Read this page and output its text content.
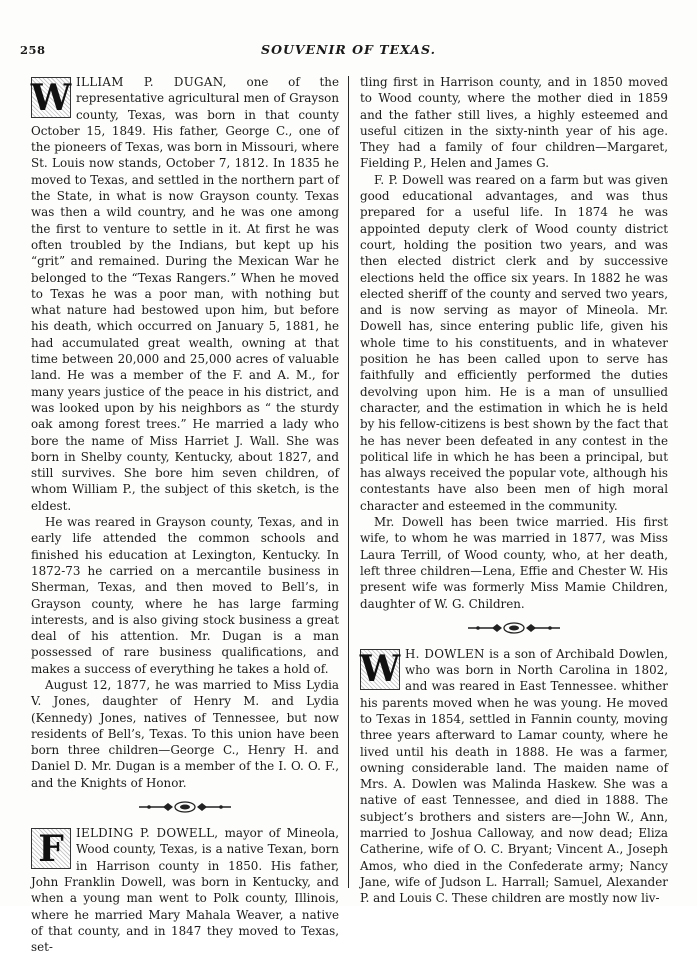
258	SOUVENIR OF TEXAS.

W ILLIAM P. DUGAN, one of the representative agricultural men of Grayson county, Texas, was born in that county October 15, 1849. His father, George C., one of the pioneers of Texas, was born in Missouri, where St. Louis now stands, October 7, 1812. In 1835 he moved to Texas, and settled in the northern part of the State, in what is now Grayson county. Texas was then a wild country, and he was one among the first to venture to settle in it. At first he was often troubled by the Indians, but kept up his “grit” and remained. During the Mexican War he belonged to the “Texas Rangers.” When he moved to Texas he was a poor man, with nothing but what nature had bestowed upon him, but before his death, which occurred on January 5, 1881, he had accumulated great wealth, owning at that time between 20,000 and 25,000 acres of valuable land. He was a member of the F. and A. M., for many years justice of the peace in his district, and was looked upon by his neighbors as “ the sturdy oak among forest trees.” He married a lady who bore the name of Miss Harriet J. Wall. She was born in Shelby county, Kentucky, about 1827, and still survives. She bore him seven children, of whom William P., the subject of this sketch, is the eldest.

He was reared in Grayson county, Texas, and in early life attended the common schools and finished his education at Lexington, Kentucky. In 1872-73 he carried on a mercantile business in Sherman, Texas, and then moved to Bell’s, in Grayson county, where he has large farming interests, and is also giving stock business a great deal of his attention. Mr. Dugan is a man possessed of rare business qualifications, and makes a success of everything he takes a hold of.

August 12, 1877, he was married to Miss Lydia V. Jones, daughter of Henry M. and Lydia (Kennedy) Jones, natives of Tennessee, but now residents of Bell’s, Texas. To this union have been born three children—George C., Henry H. and Daniel D. Mr. Dugan is a member of the I. O. O. F., and the Knights of Honor.

F	IELDING P. DOWELL, mayor of Mineola, Wood county, Texas, is a native Texan, born in Harrison county in 1850. His father, John Franklin Dowell, was born in Kentucky, and when a young man went to Polk county, Illinois, where he married Mary Mahala Weaver, a native of that county, and in 1847 they moved to Texas, set-

tling first in Harrison county, and in 1850 moved to Wood county, where the mother died in 1859 and the father still lives, a highly esteemed and useful citizen in the sixty-ninth year of his age. They had a family of four children—Margaret, Fielding P., Helen and James G.

F. P. Dowell was reared on a farm but was given good educational advantages, and was thus prepared for a useful life. In 1874 he was appointed deputy clerk of Wood county district court, holding the position two years, and was then elected district clerk and by successive elections held the office six years. In 1882 he was elected sheriff of the county and served two years, and is now serving as mayor of Mineola. Mr. Dowell has, since entering public life, given his whole time to his constituents, and in whatever position he has been called upon to serve has faithfully and efficiently performed the duties devolving upon him. He is a man of unsullied character, and the estimation in which he is held by his fellow-citizens is best shown by the fact that he has never been defeated in any contest in the political life in which he has been a principal, but has always received the popular vote, although his contestants have also been men of high moral character and esteemed in the community.

Mr. Dowell has been twice married. His first wife, to whom he was married in 1877, was Miss Laura Terrill, of Wood county, who, at her death, left three children—Lena, Effie and Chester W. His present wife was formerly Miss Mamie Children, daughter of W. G. Children.

W H. DOWLEN is a son of Archibald Dowlen, who was born in North Carolina in 1802, and was reared in East Tennessee. whither his parents moved when he was young. He moved to Texas in 1854, settled in Fannin county, moving three years afterward to Lamar county, where he lived until his death in 1888. He was a farmer, owning considerable land. The maiden name of Mrs. A. Dowlen was Malinda Haskew. She was a native of east Tennessee, and died in 1888. The subject’s brothers and sisters are—John W., Ann, married to Joshua Calloway, and now dead; Eliza Catherine, wife of O. C. Bryant; Vincent A., Joseph Amos, who died in the Confederate army; Nancy Jane, wife of Judson L. Harrall; Samuel, Alexander P. and Louis C. These children are mostly now liv-
